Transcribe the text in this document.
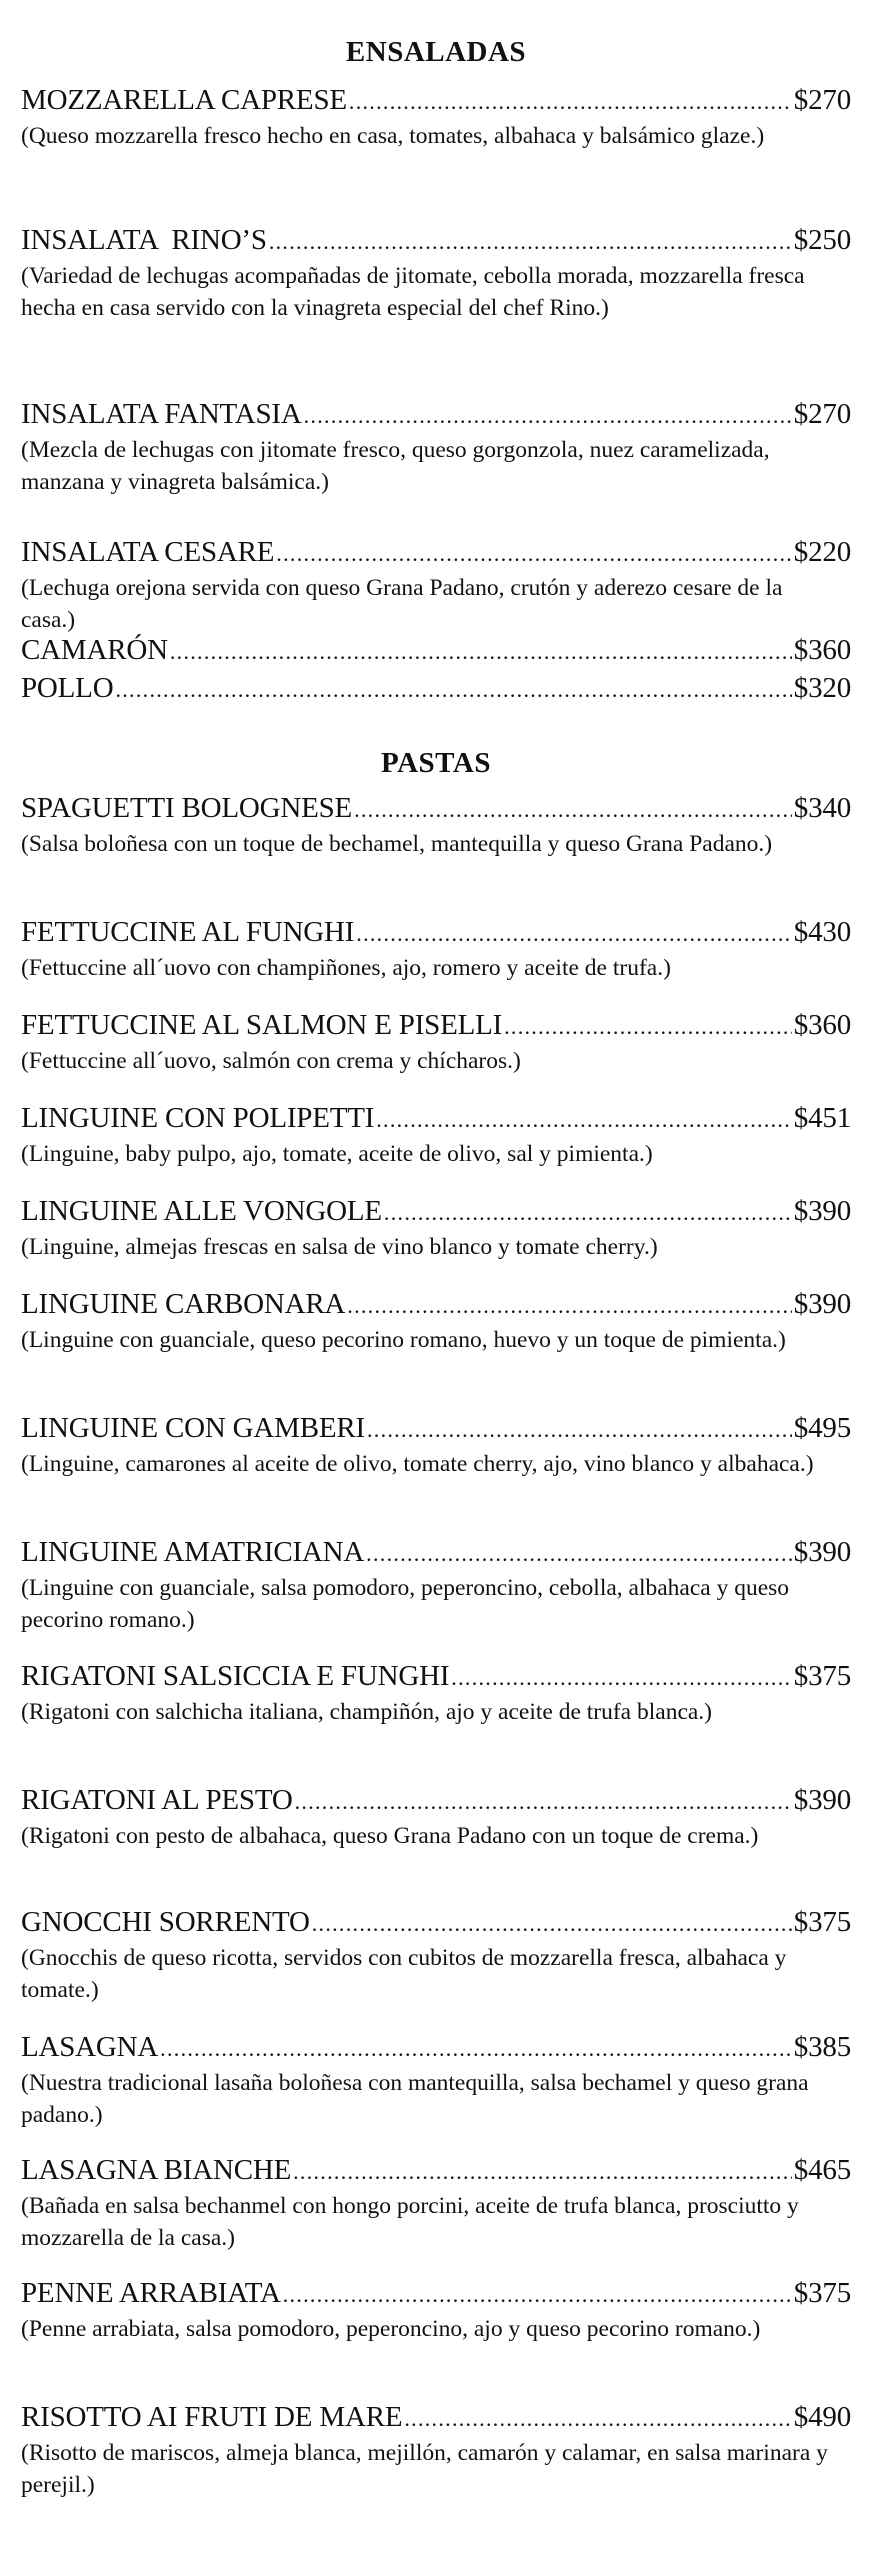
ENSALADAS
MOZZARELLA CAPRESE .....	$270

(Queso mozzarella fresco hecho en casa, tomates, albahaca y balsámico glaze.)

INSALATA  RINO’S .....	$250

(Variedad de lechugas acompañadas de jitomate, cebolla morada, mozzarella fresca hecha en casa servido con la vinagreta especial del chef Rino.)

INSALATA FANTASIA .....	$270

(Mezcla de lechugas con jitomate fresco, queso gorgonzola, nuez caramelizada, manzana y vinagreta balsámica.)

INSALATA CESARE .....	$220

(Lechuga orejona servida con queso Grana Padano, crutón y aderezo cesare de la casa.)

CAMARÓN .....	$360
POLLO .....	$320
PASTAS
SPAGUETTI BOLOGNESE .....	$340

(Salsa boloñesa con un toque de bechamel, mantequilla y queso Grana Padano.)

FETTUCCINE AL FUNGHI .....	$430

(Fettuccine all´uovo con champiñones, ajo, romero y aceite de trufa.)

FETTUCCINE AL SALMON E PISELLI .....	$360

(Fettuccine all´uovo, salmón con crema y chícharos.)

LINGUINE CON POLIPETTI .....	$451

(Linguine, baby pulpo, ajo, tomate, aceite de olivo, sal y pimienta.)

LINGUINE ALLE VONGOLE .....	$390

(Linguine, almejas frescas en salsa de vino blanco y tomate cherry.)

LINGUINE CARBONARA .....	$390

(Linguine con guanciale, queso pecorino romano, huevo y un toque de pimienta.)

LINGUINE CON GAMBERI .....	$495

(Linguine, camarones al aceite de olivo, tomate cherry, ajo, vino blanco y albahaca.)

LINGUINE AMATRICIANA .....	$390

(Linguine con guanciale, salsa pomodoro, peperoncino, cebolla, albahaca y queso pecorino romano.)

RIGATONI SALSICCIA E FUNGHI .....	$375

(Rigatoni con salchicha italiana, champiñón, ajo y aceite de trufa blanca.)

RIGATONI AL PESTO .....	$390

(Rigatoni con pesto de albahaca, queso Grana Padano con un toque de crema.)

GNOCCHI SORRENTO .....	$375

(Gnocchis de queso ricotta, servidos con cubitos de mozzarella fresca, albahaca y tomate.)

LASAGNA .....	$385

(Nuestra tradicional lasaña boloñesa con mantequilla, salsa bechamel y queso grana padano.)

LASAGNA BIANCHE .....	$465

(Bañada en salsa bechanmel con hongo porcini, aceite de trufa blanca, prosciutto y mozzarella de la casa.)

PENNE ARRABIATA .....	$375

(Penne arrabiata, salsa pomodoro, peperoncino, ajo y queso pecorino romano.)

RISOTTO AI FRUTI DE MARE .....	$490

(Risotto de mariscos, almeja blanca, mejillón, camarón y calamar, en salsa marinara y perejil.)
